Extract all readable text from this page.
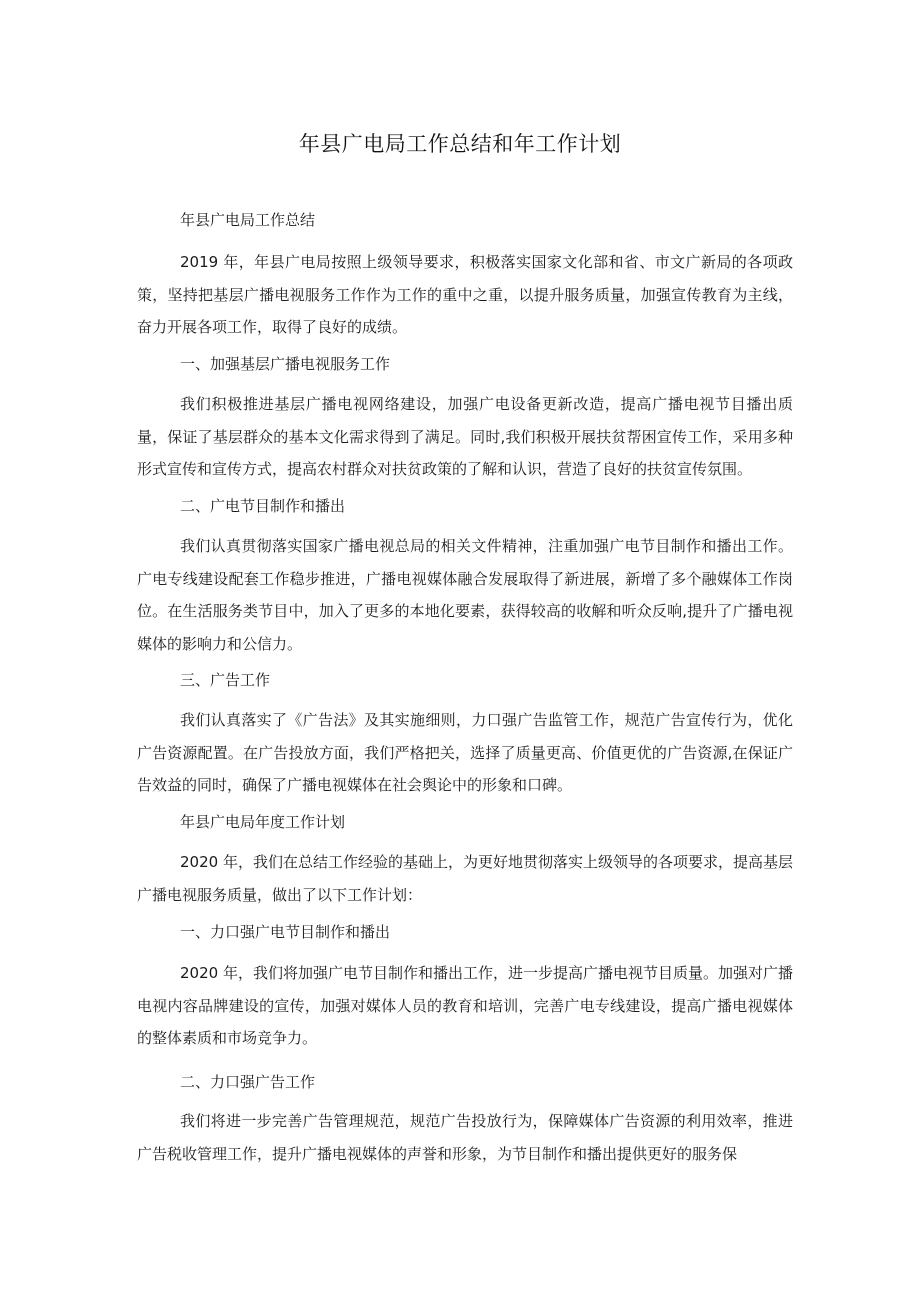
年县广电局工作总结和年工作计划

年县广电局工作总结

2019 年，年县广电局按照上级领导要求，积极落实国家文化部和省、市文广新局的各项政策，坚持把基层广播电视服务工作作为工作的重中之重，以提升服务质量，加强宣传教育为主线，奋力开展各项工作，取得了良好的成绩。

一、加强基层广播电视服务工作

我们积极推进基层广播电视网络建设，加强广电设备更新改造，提高广播电视节目播出质量，保证了基层群众的基本文化需求得到了满足。同时,我们积极开展扶贫帮困宣传工作，采用多种形式宣传和宣传方式，提高农村群众对扶贫政策的了解和认识，营造了良好的扶贫宣传氛围。

二、广电节目制作和播出

我们认真贯彻落实国家广播电视总局的相关文件精神，注重加强广电节目制作和播出工作。广电专线建设配套工作稳步推进，广播电视媒体融合发展取得了新进展，新增了多个融媒体工作岗位。在生活服务类节目中，加入了更多的本地化要素，获得较高的收解和听众反响,提升了广播电视媒体的影响力和公信力。

三、广告工作

我们认真落实了《广告法》及其实施细则，力口强广告监管工作，规范广告宣传行为，优化广告资源配置。在广告投放方面，我们严格把关，选择了质量更高、价值更优的广告资源,在保证广告效益的同时，确保了广播电视媒体在社会舆论中的形象和口碑。

年县广电局年度工作计划

2020 年，我们在总结工作经验的基础上，为更好地贯彻落实上级领导的各项要求，提高基层广播电视服务质量，做出了以下工作计划：

一、力口强广电节目制作和播出

2020 年，我们将加强广电节目制作和播出工作，进一步提高广播电视节目质量。加强对广播电视内容品牌建设的宣传，加强对媒体人员的教育和培训，完善广电专线建设，提高广播电视媒体的整体素质和市场竞争力。

二、力口强广告工作

我们将进一步完善广告管理规范，规范广告投放行为，保障媒体广告资源的利用效率，推进广告税收管理工作，提升广播电视媒体的声誉和形象，为节目制作和播出提供更好的服务保
